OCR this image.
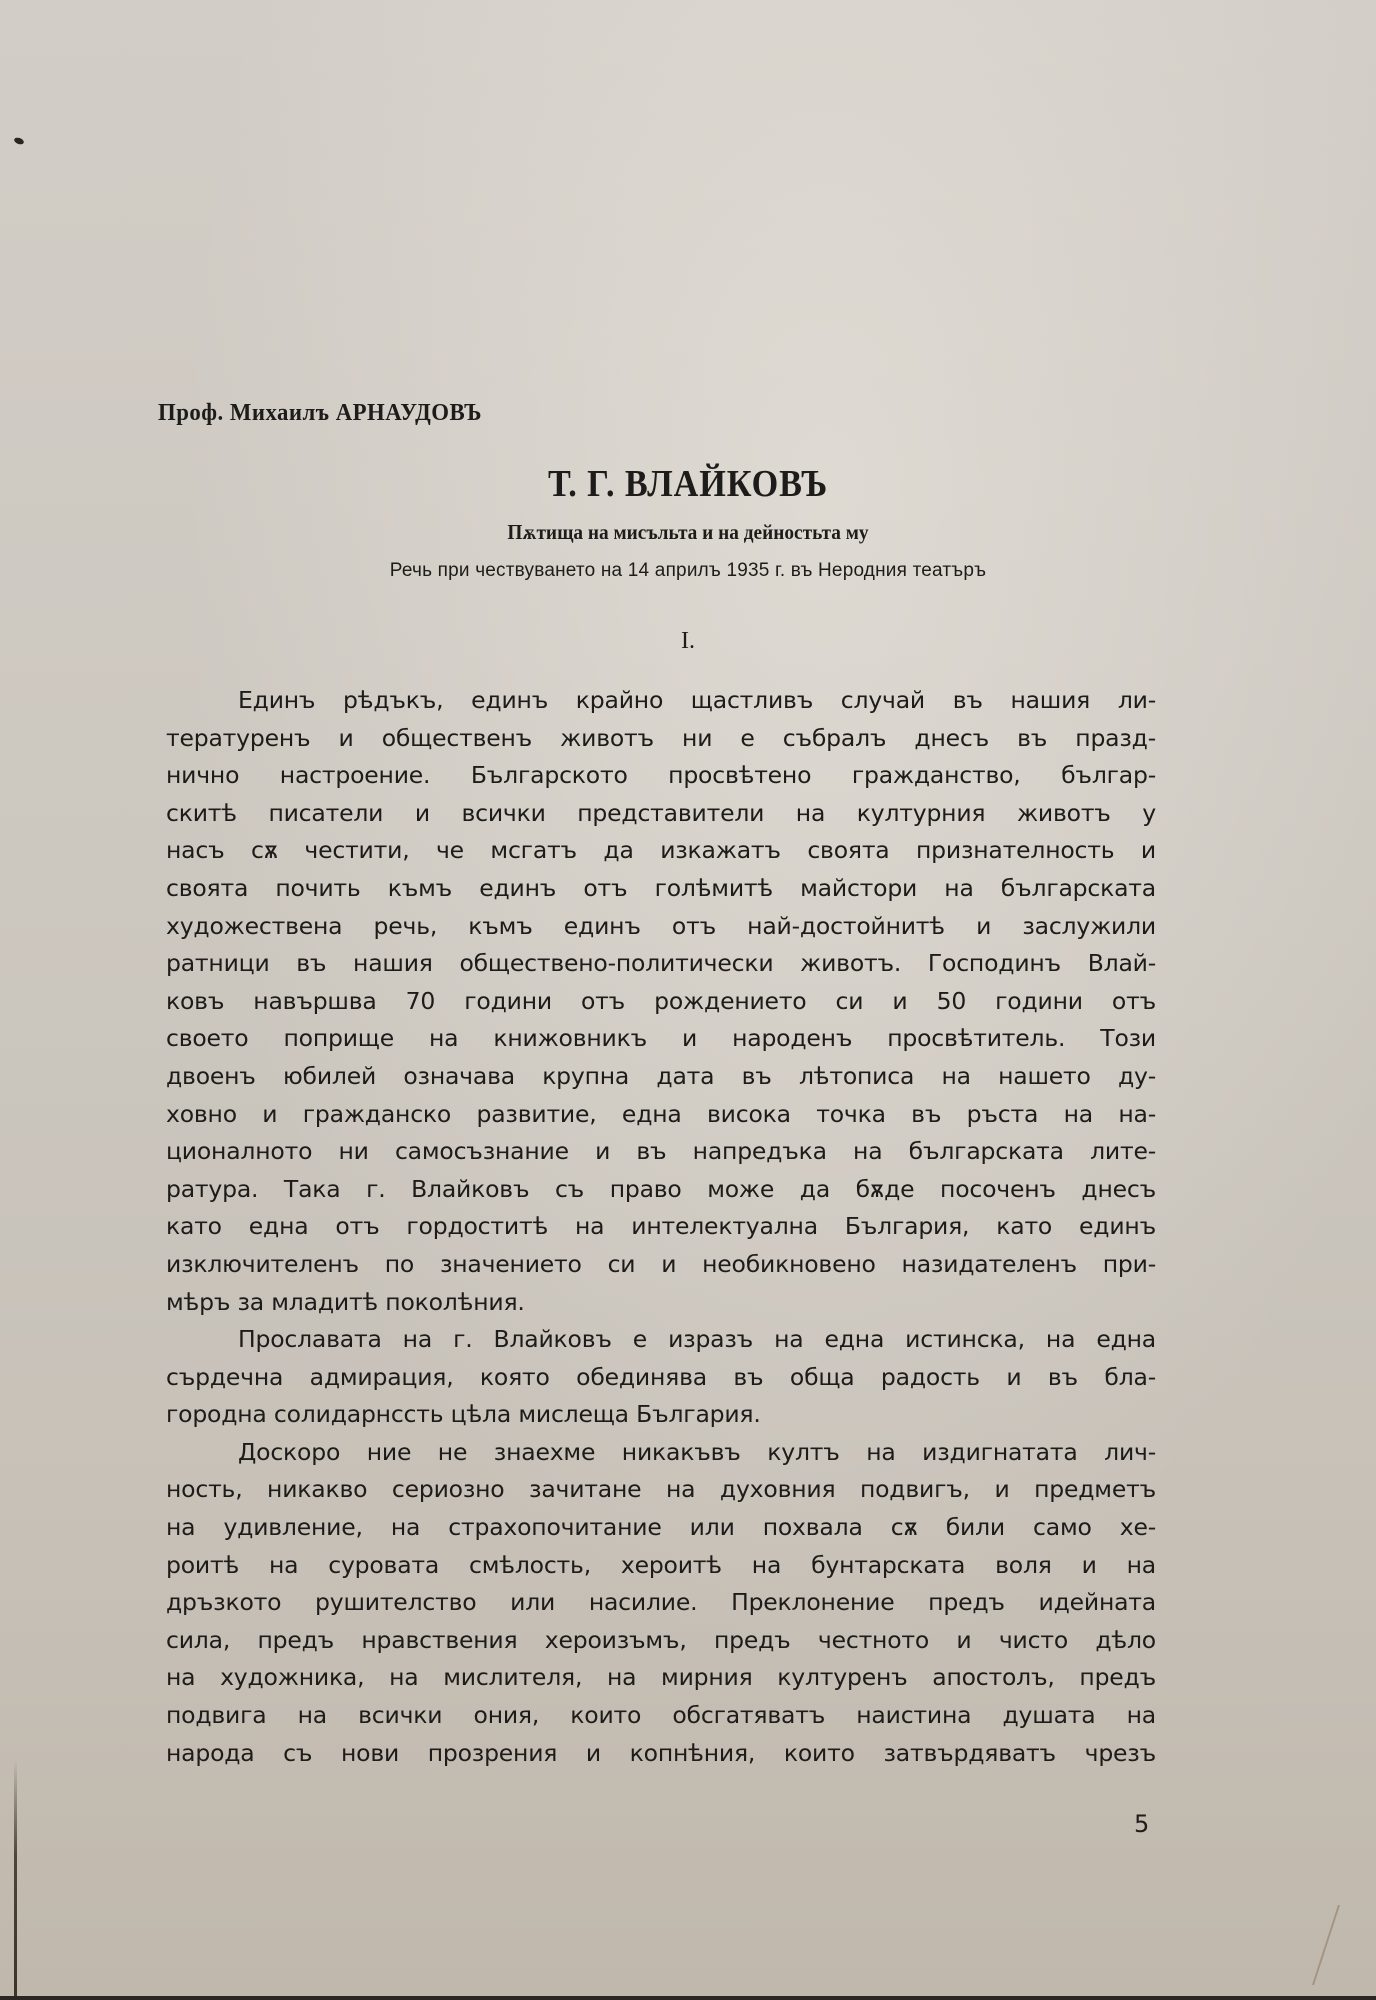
Проф. Михаилъ АРНАУДОВЪ
Т. Г. ВЛАЙКОВЪ
Пѫтища на мисъльта и на дейностьта му
Речь при чествуването на 14 априлъ 1935 г. въ Неродния театъръ
I.
Единъ рѣдъкъ, единъ крайно щастливъ случай въ нашия ли-
тературенъ и общественъ животъ ни е събралъ днесъ въ празд-
нично настроение. Българското просвѣтено гражданство, българ-
скитѣ писатели и всички представители на културния животъ у
насъ сѫ честити, че мсгатъ да изкажатъ своята признателность и
своята почить къмъ единъ отъ голѣмитѣ майстори на българската
художествена речь, къмъ единъ отъ най-достойнитѣ и заслужили
ратници въ нашия обществено-политически животъ. Господинъ Влай-
ковъ навършва 70 години отъ рождението си и 50 години отъ
своето поприще на книжовникъ и народенъ просвѣтитель. Този
двоенъ юбилей означава крупна дата въ лѣтописа на нашето ду-
ховно и гражданско развитие, една висока точка въ ръста на на-
ционалното ни самосъзнание и въ напредъка на българската лите-
ратура. Така г. Влайковъ съ право може да бѫде посоченъ днесъ
като една отъ гордоститѣ на интелектуална България, като единъ
изключителенъ по значението си и необикновено назидателенъ при-
мѣръ за младитѣ поколѣния.
Прославата на г. Влайковъ е изразъ на една истинска, на една
сърдечна адмирация, която обединява въ обща радость и въ бла-
городна солидарнссть цѣла мислеща България.
Доскоро ние не знаехме никакъвъ култъ на издигнатата лич-
ность, никакво сериозно зачитане на духовния подвигъ, и предметъ
на удивление, на страхопочитание или похвала сѫ били само хе-
роитѣ на суровата смѣлость, хероитѣ на бунтарската воля и на
дръзкото рушителство или насилие. Преклонение предъ идейната
сила, предъ нравствения хероизъмъ, предъ честното и чисто дѣло
на художника, на мислителя, на мирния културенъ апостолъ, предъ
подвига на всички ония, които обсгатяватъ наистина душата на
народа съ нови прозрения и копнѣния, които затвърдяватъ чрезъ
5
